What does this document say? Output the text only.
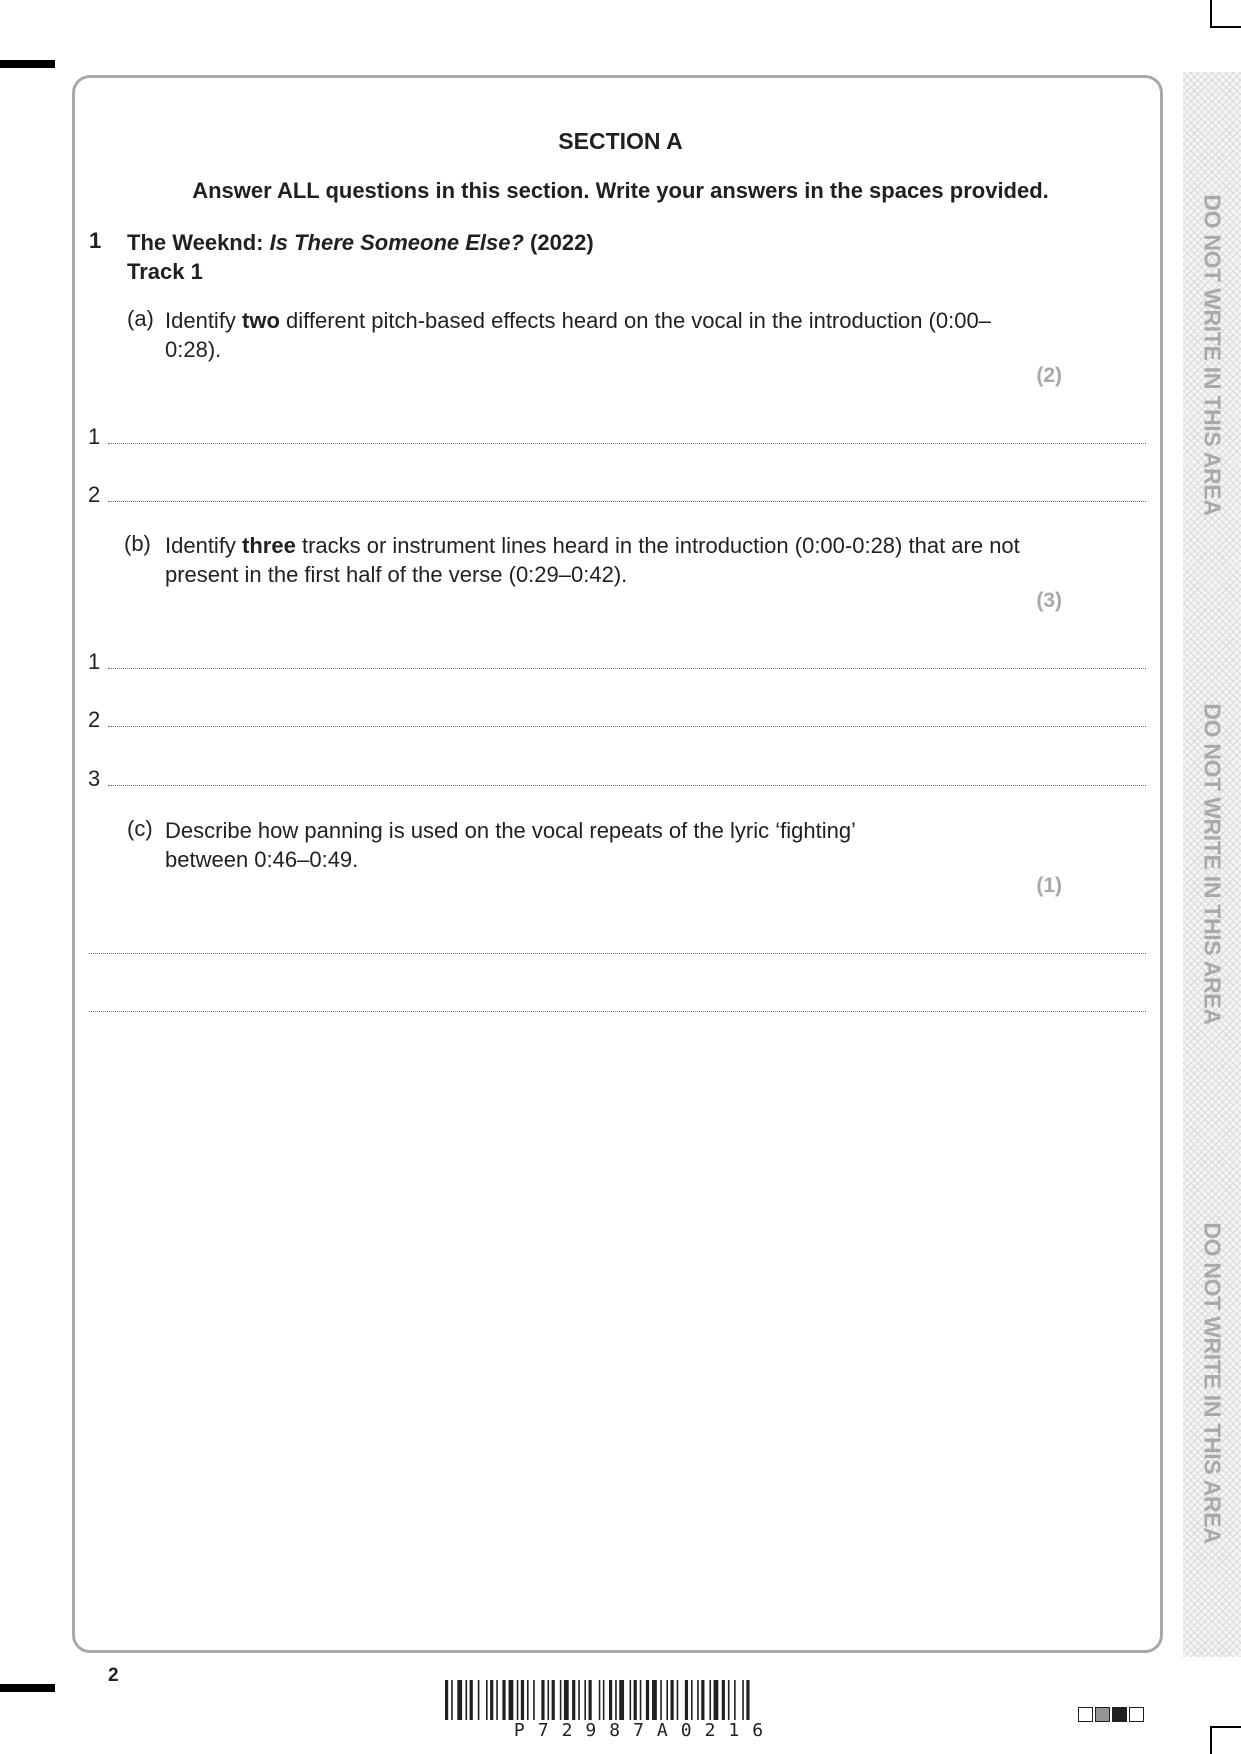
DO NOT WRITE IN THIS AREA
DO NOT WRITE IN THIS AREA
DO NOT WRITE IN THIS AREA
SECTION A
Answer ALL questions in this section. Write your answers in the spaces provided.
1 The Weeknd: Is There Someone Else? (2022)
Track 1
(a) Identify two different pitch-based effects heard on the vocal in the introduction (0:00–0:28).
(2)
1
2
(b) Identify three tracks or instrument lines heard in the introduction (0:00-0:28) that are not present in the first half of the verse (0:29–0:42).
(3)
1
2
3
(c) Describe how panning is used on the vocal repeats of the lyric ‘fighting’
between 0:46–0:49.
(1)
2
P72987A0216
